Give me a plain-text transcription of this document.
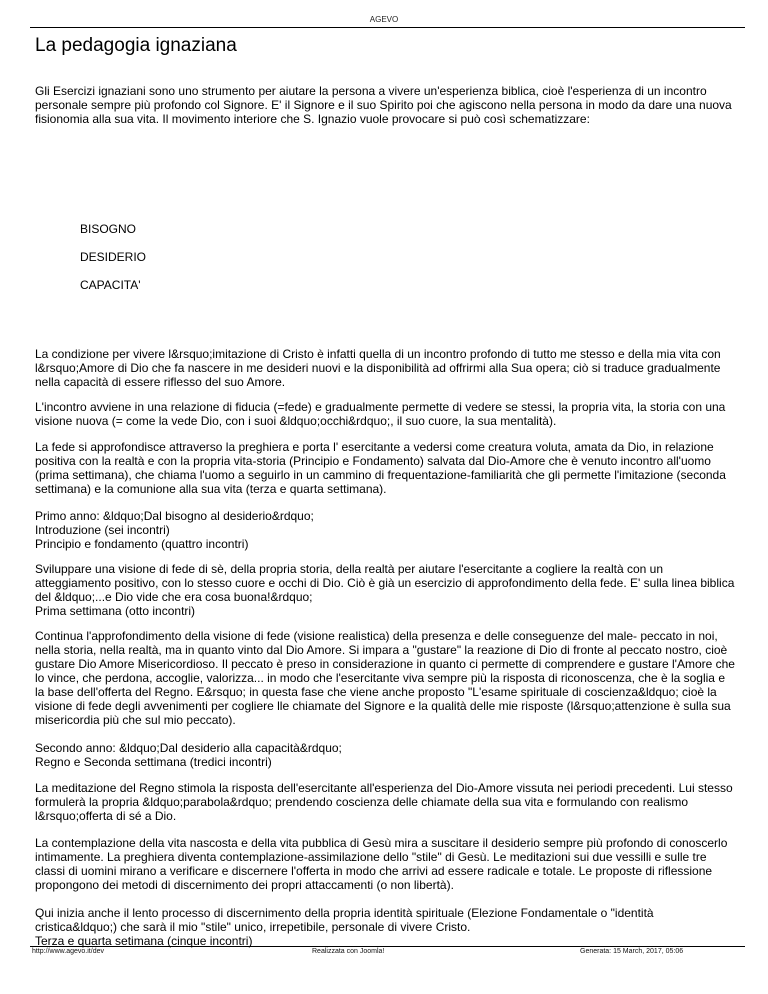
AGEVO
La pedagogia ignaziana

Gli Esercizi ignaziani sono uno strumento per aiutare la persona a vivere un'esperienza biblica, cioè l'esperienza di un incontro personale sempre più profondo col Signore. E' il Signore e il suo Spirito poi che agiscono nella persona in modo da dare una nuova fisionomia alla sua vita. Il movimento interiore che S. Ignazio vuole provocare si può così schematizzare:

BISOGNO
DESIDERIO
CAPACITA'

La condizione per vivere l&rsquo;imitazione di Cristo è infatti quella di un incontro profondo di tutto me stesso e della mia vita con l&rsquo;Amore di Dio che fa nascere in me desideri nuovi e la disponibilità ad offrirmi alla Sua opera; ciò si traduce gradualmente nella capacità di essere riflesso del suo Amore.

L'incontro avviene in una relazione di fiducia (=fede) e gradualmente permette di vedere se stessi, la propria vita, la storia con una visione nuova (= come la vede Dio, con i suoi &ldquo;occhi&rdquo;, il suo cuore, la sua mentalità).

La fede si approfondisce attraverso la preghiera e porta l' esercitante a vedersi come creatura voluta, amata da Dio, in relazione positiva con la realtà e con la propria vita-storia (Principio e Fondamento) salvata dal Dio-Amore che è venuto incontro all'uomo (prima settimana), che chiama l'uomo a seguirlo in un cammino di frequentazione-familiarità che gli permette l'imitazione (seconda settimana) e la comunione alla sua vita (terza e quarta settimana).

Primo anno: &ldquo;Dal bisogno al desiderio&rdquo;
Introduzione (sei incontri)
Principio e fondamento (quattro incontri)

Sviluppare una visione di fede di sè, della propria storia, della realtà per aiutare l'esercitante a cogliere la realtà con un atteggiamento positivo, con lo stesso cuore e occhi di Dio. Ciò è già un esercizio di approfondimento della fede. E' sulla linea biblica del &ldquo;...e Dio vide che era cosa buona!&rdquo;

Prima settimana (otto incontri)

Continua l'approfondimento della visione di fede (visione realistica) della presenza e delle conseguenze del male- peccato in noi, nella storia, nella realtà, ma in quanto vinto dal Dio Amore. Si impara a "gustare" la reazione di Dio di fronte al peccato nostro, cioè gustare Dio Amore Misericordioso. Il peccato è preso in considerazione in quanto ci permette di comprendere e gustare l'Amore che lo vince, che perdona, accoglie, valorizza... in modo che l'esercitante viva sempre più la risposta di riconoscenza, che è la soglia e la base dell'offerta del Regno. E&rsquo; in questa fase che viene anche proposto "L'esame spirituale di coscienza&ldquo; cioè la visione di fede degli avvenimenti per cogliere lle chiamate del Signore e la qualità delle mie risposte (l&rsquo;attenzione è sulla sua misericordia più che sul mio peccato).

Secondo anno: &ldquo;Dal desiderio alla capacità&rdquo;
Regno e Seconda settimana (tredici incontri)

La meditazione del Regno stimola la risposta dell'esercitante all'esperienza del Dio-Amore vissuta nei periodi precedenti. Lui stesso formulerà la propria &ldquo;parabola&rdquo; prendendo coscienza delle chiamate della sua vita e formulando con realismo l&rsquo;offerta di sé a Dio.

La contemplazione della vita nascosta e della vita pubblica di Gesù mira a suscitare il desiderio sempre più profondo di conoscerlo intimamente. La preghiera diventa contemplazione-assimilazione dello "stile" di Gesù. Le meditazioni sui due vessilli e sulle tre classi di uomini mirano a verificare e discernere l'offerta in modo che arrivi ad essere radicale e totale. Le proposte di riflessione propongono dei metodi di discernimento dei propri attaccamenti (o non libertà).

Qui inizia anche il lento processo di discernimento della propria identità spirituale (Elezione Fondamentale o "identità cristica&ldquo;) che sarà il mio "stile" unico, irrepetibile, personale di vivere Cristo.

Terza e quarta setimana (cinque incontri)

http://www.agevo.it/dev	Realizzata con Joomla!	Generata: 15 March, 2017, 05:06
